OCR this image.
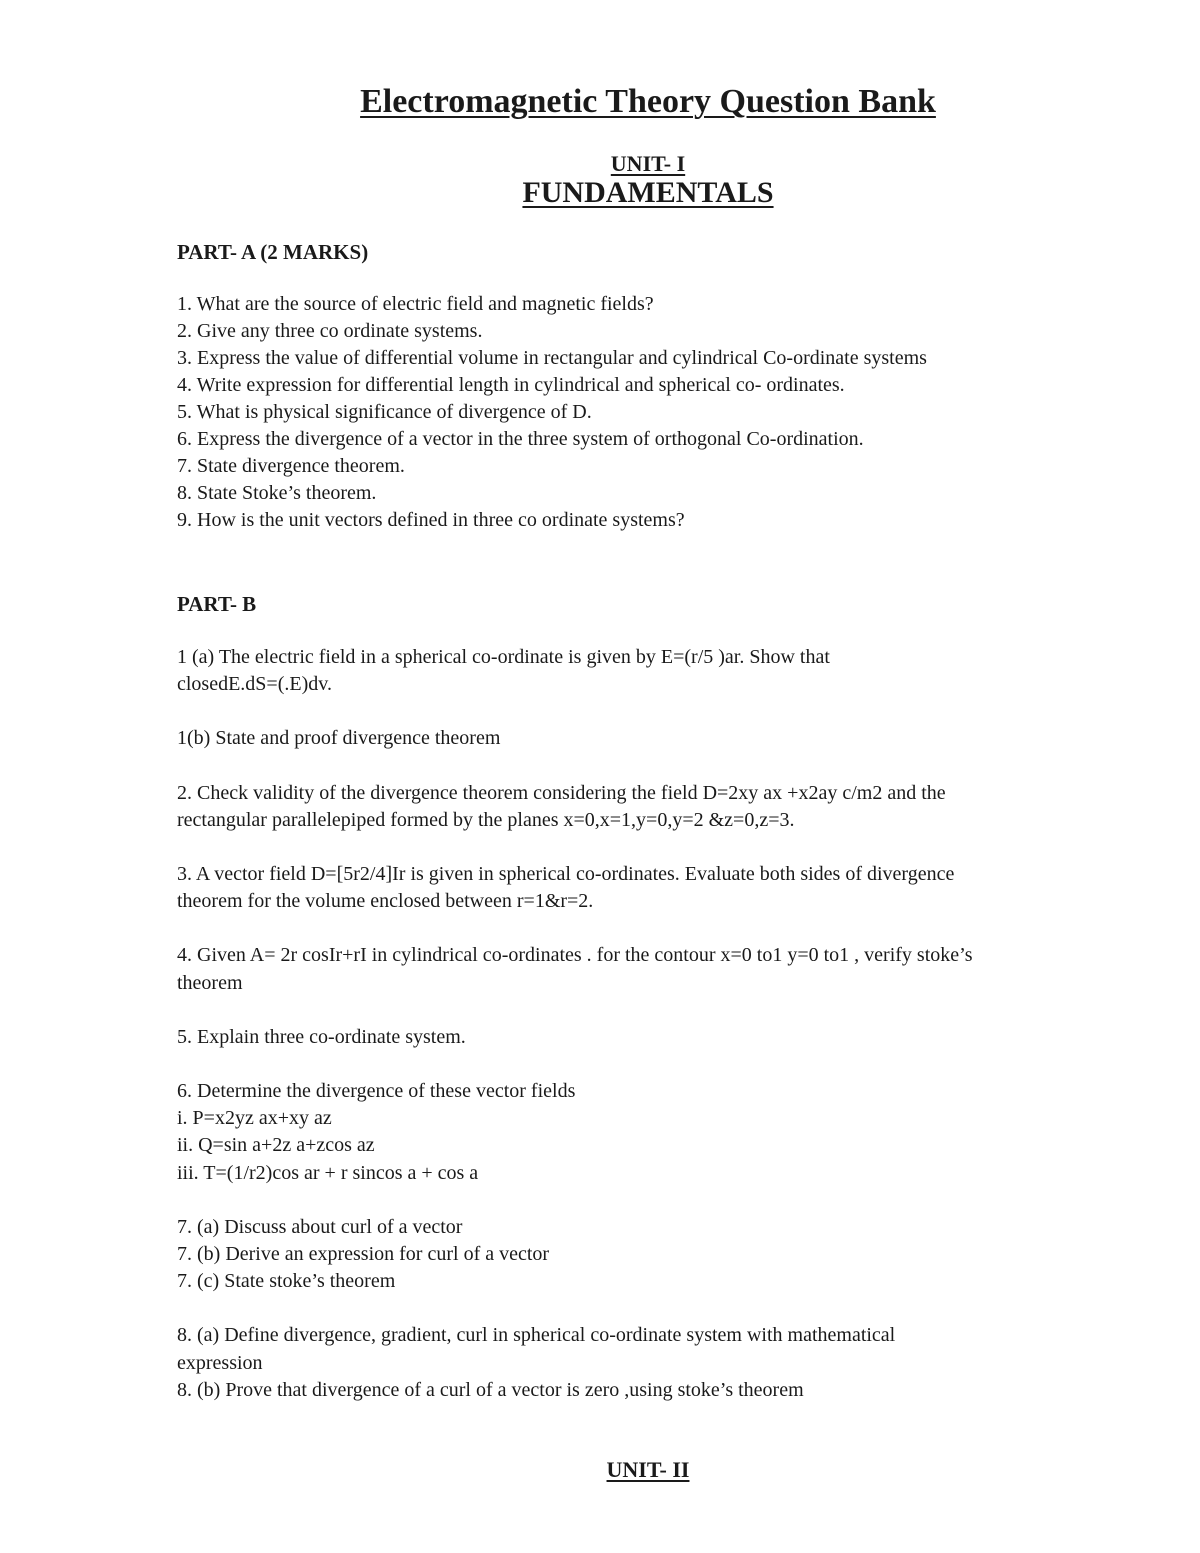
Electromagnetic Theory Question Bank
UNIT- I
FUNDAMENTALS
PART- A (2 MARKS)
1. What are the source of electric field and magnetic fields?
2. Give any three co ordinate systems.
3. Express the value of differential volume in rectangular and cylindrical Co-ordinate systems
4. Write expression for differential length in cylindrical and spherical co- ordinates.
5. What is physical significance of divergence of D.
6. Express the divergence of a vector in the three system of orthogonal Co-ordination.
7. State divergence theorem.
8. State Stoke’s theorem.
9. How is the unit vectors defined in three co ordinate systems?
PART- B
1 (a) The electric field in a spherical co-ordinate is given by E=(r/5 )ar. Show that
closedE.dS=(.E)dv.
1(b) State and proof divergence theorem
2. Check validity of the divergence theorem considering the field D=2xy ax +x2ay c/m2 and the
rectangular parallelepiped formed by the planes x=0,x=1,y=0,y=2 &z=0,z=3.
3. A vector field D=[5r2/4]Ir is given in spherical co-ordinates. Evaluate both sides of divergence
theorem for the volume enclosed between r=1&r=2.
4. Given A= 2r cosIr+rI in cylindrical co-ordinates . for the contour x=0 to1 y=0 to1 , verify stoke’s
theorem
5. Explain three co-ordinate system.
6. Determine the divergence of these vector fields
i. P=x2yz ax+xy az
ii. Q=sin a+2z a+zcos az
iii. T=(1/r2)cos ar + r sincos a + cos a
7. (a) Discuss about curl of a vector
7. (b) Derive an expression for curl of a vector
7. (c) State stoke’s theorem
8. (a) Define divergence, gradient, curl in spherical co-ordinate system with mathematical
expression
8. (b) Prove that divergence of a curl of a vector is zero ,using stoke’s theorem
UNIT- II
